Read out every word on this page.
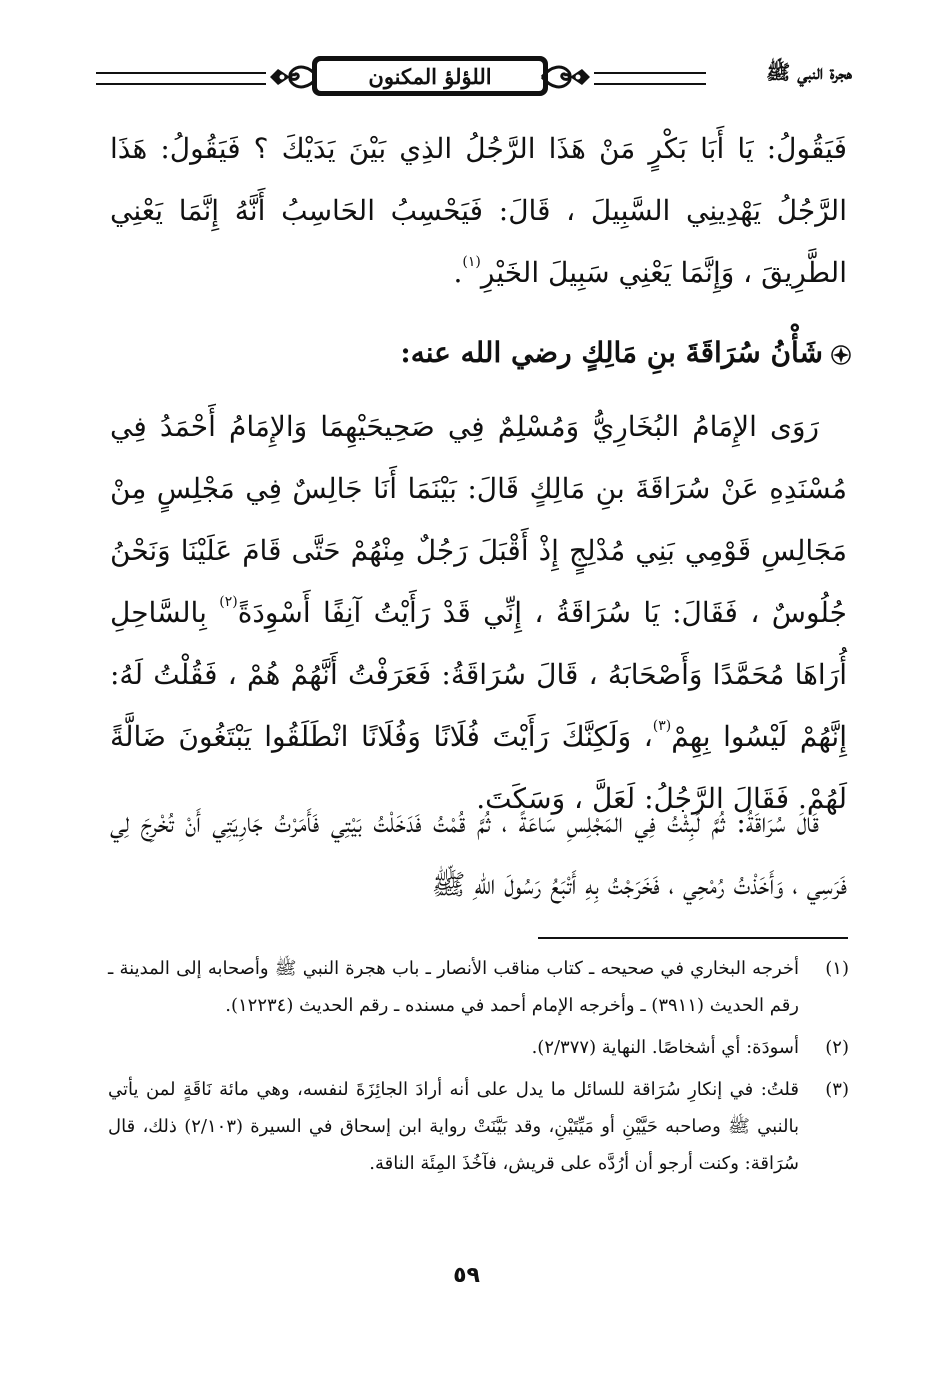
اللؤلؤ المكنون	هجرة النبي ﷺ

فَيَقُولُ: يَا أَبَا بَكْرٍ مَنْ هَذَا الرَّجُلُ الذِي بَيْنَ يَدَيْكَ ؟ فَيَقُولُ: هَذَا الرَّجُلُ يَهْدِينِي السَّبِيلَ ، قَالَ: فَيَحْسِبُ الحَاسِبُ أَنَّهُ إِنَّمَا يَعْنِي الطَّرِيقَ ، وَإِنَّمَا يَعْنِي سَبِيلَ الخَيْرِ$^{(١)}$.

شَأْنُ سُرَاقَةَ بنِ مَالِكٍ رضي الله عنه:

رَوَى الإِمَامُ البُخَارِيُّ وَمُسْلِمٌ فِي صَحِيحَيْهِمَا وَالإِمَامُ أَحْمَدُ فِي مُسْنَدِهِ عَنْ سُرَاقَةَ بنِ مَالِكٍ قَالَ: بَيْنَمَا أَنَا جَالِسٌ فِي مَجْلِسٍ مِنْ مَجَالِسِ قَوْمِي بَنِي مُدْلِجٍ إِذْ أَقْبَلَ رَجُلٌ مِنْهُمْ حَتَّى قَامَ عَلَيْنَا وَنَحْنُ جُلُوسٌ ، فَقَالَ: يَا سُرَاقَةُ ، إِنِّي قَدْ رَأَيْتُ آنِفًا أَسْوِدَةً$^{(٢)}$ بِالسَّاحِلِ أُرَاهَا مُحَمَّدًا وَأَصْحَابَهُ ، قَالَ سُرَاقَةُ: فَعَرَفْتُ أَنَّهُمْ هُمْ ، فَقُلْتُ لَهُ: إِنَّهُمْ لَيْسُوا بِهِمْ$^{(٣)}$، وَلَكِنَّكَ رَأَيْتَ فُلَانًا وَفُلَانًا انْطَلَقُوا يَبْتَغُونَ ضَالَّةً لَهُمْ. فَقَالَ الرَّجُلُ: لَعَلَّ ، وَسَكَتَ.

قَالَ سُرَاقَةُ: ثُمَّ لَبِثْتُ فِي المَجْلِسِ سَاعَةً ، ثُمَّ قُمْتُ فَدَخَلْتُ بَيْتِي فَأَمَرْتُ جَارِيَتِي أَنْ تُخْرِجَ لِي فَرَسِي ، وَأَخَذْتُ رُمْحِي ، فَخَرَجْتُ بِهِ أَتْبَعُ رَسُولَ اللهِ ﷺ

(١)
أخرجه البخاري في صحيحه ـ كتاب مناقب الأنصار ـ باب هجرة النبي ﷺ وأصحابه إلى المدينة ـ رقم الحديث (٣٩١١) ـ وأخرجه الإمام أحمد في مسنده ـ رقم الحديث (١٢٢٣٤).
(٢)
أسودَة: أي أشخاصًا. النهاية (٢/٣٧٧).
(٣)
قلتُ: في إنكارِ سُرَاقة للسائل ما يدل على أنه أرادَ الجائِزَةَ لنفسه، وهي مائة نَاقَةٍ لمن يأتي بالنبي ﷺ وصاحبه حَيَّيْنِ أو مَيِّتَيْنِ، وقد بَيَّنَتْ رواية ابن إسحاق في السيرة (٢/١٠٣) ذلك، قال سُرَاقة: وكنت أرجو أن أرُدَّه على قريش، فآخُذَ المِئَة الناقة.
٥٩
